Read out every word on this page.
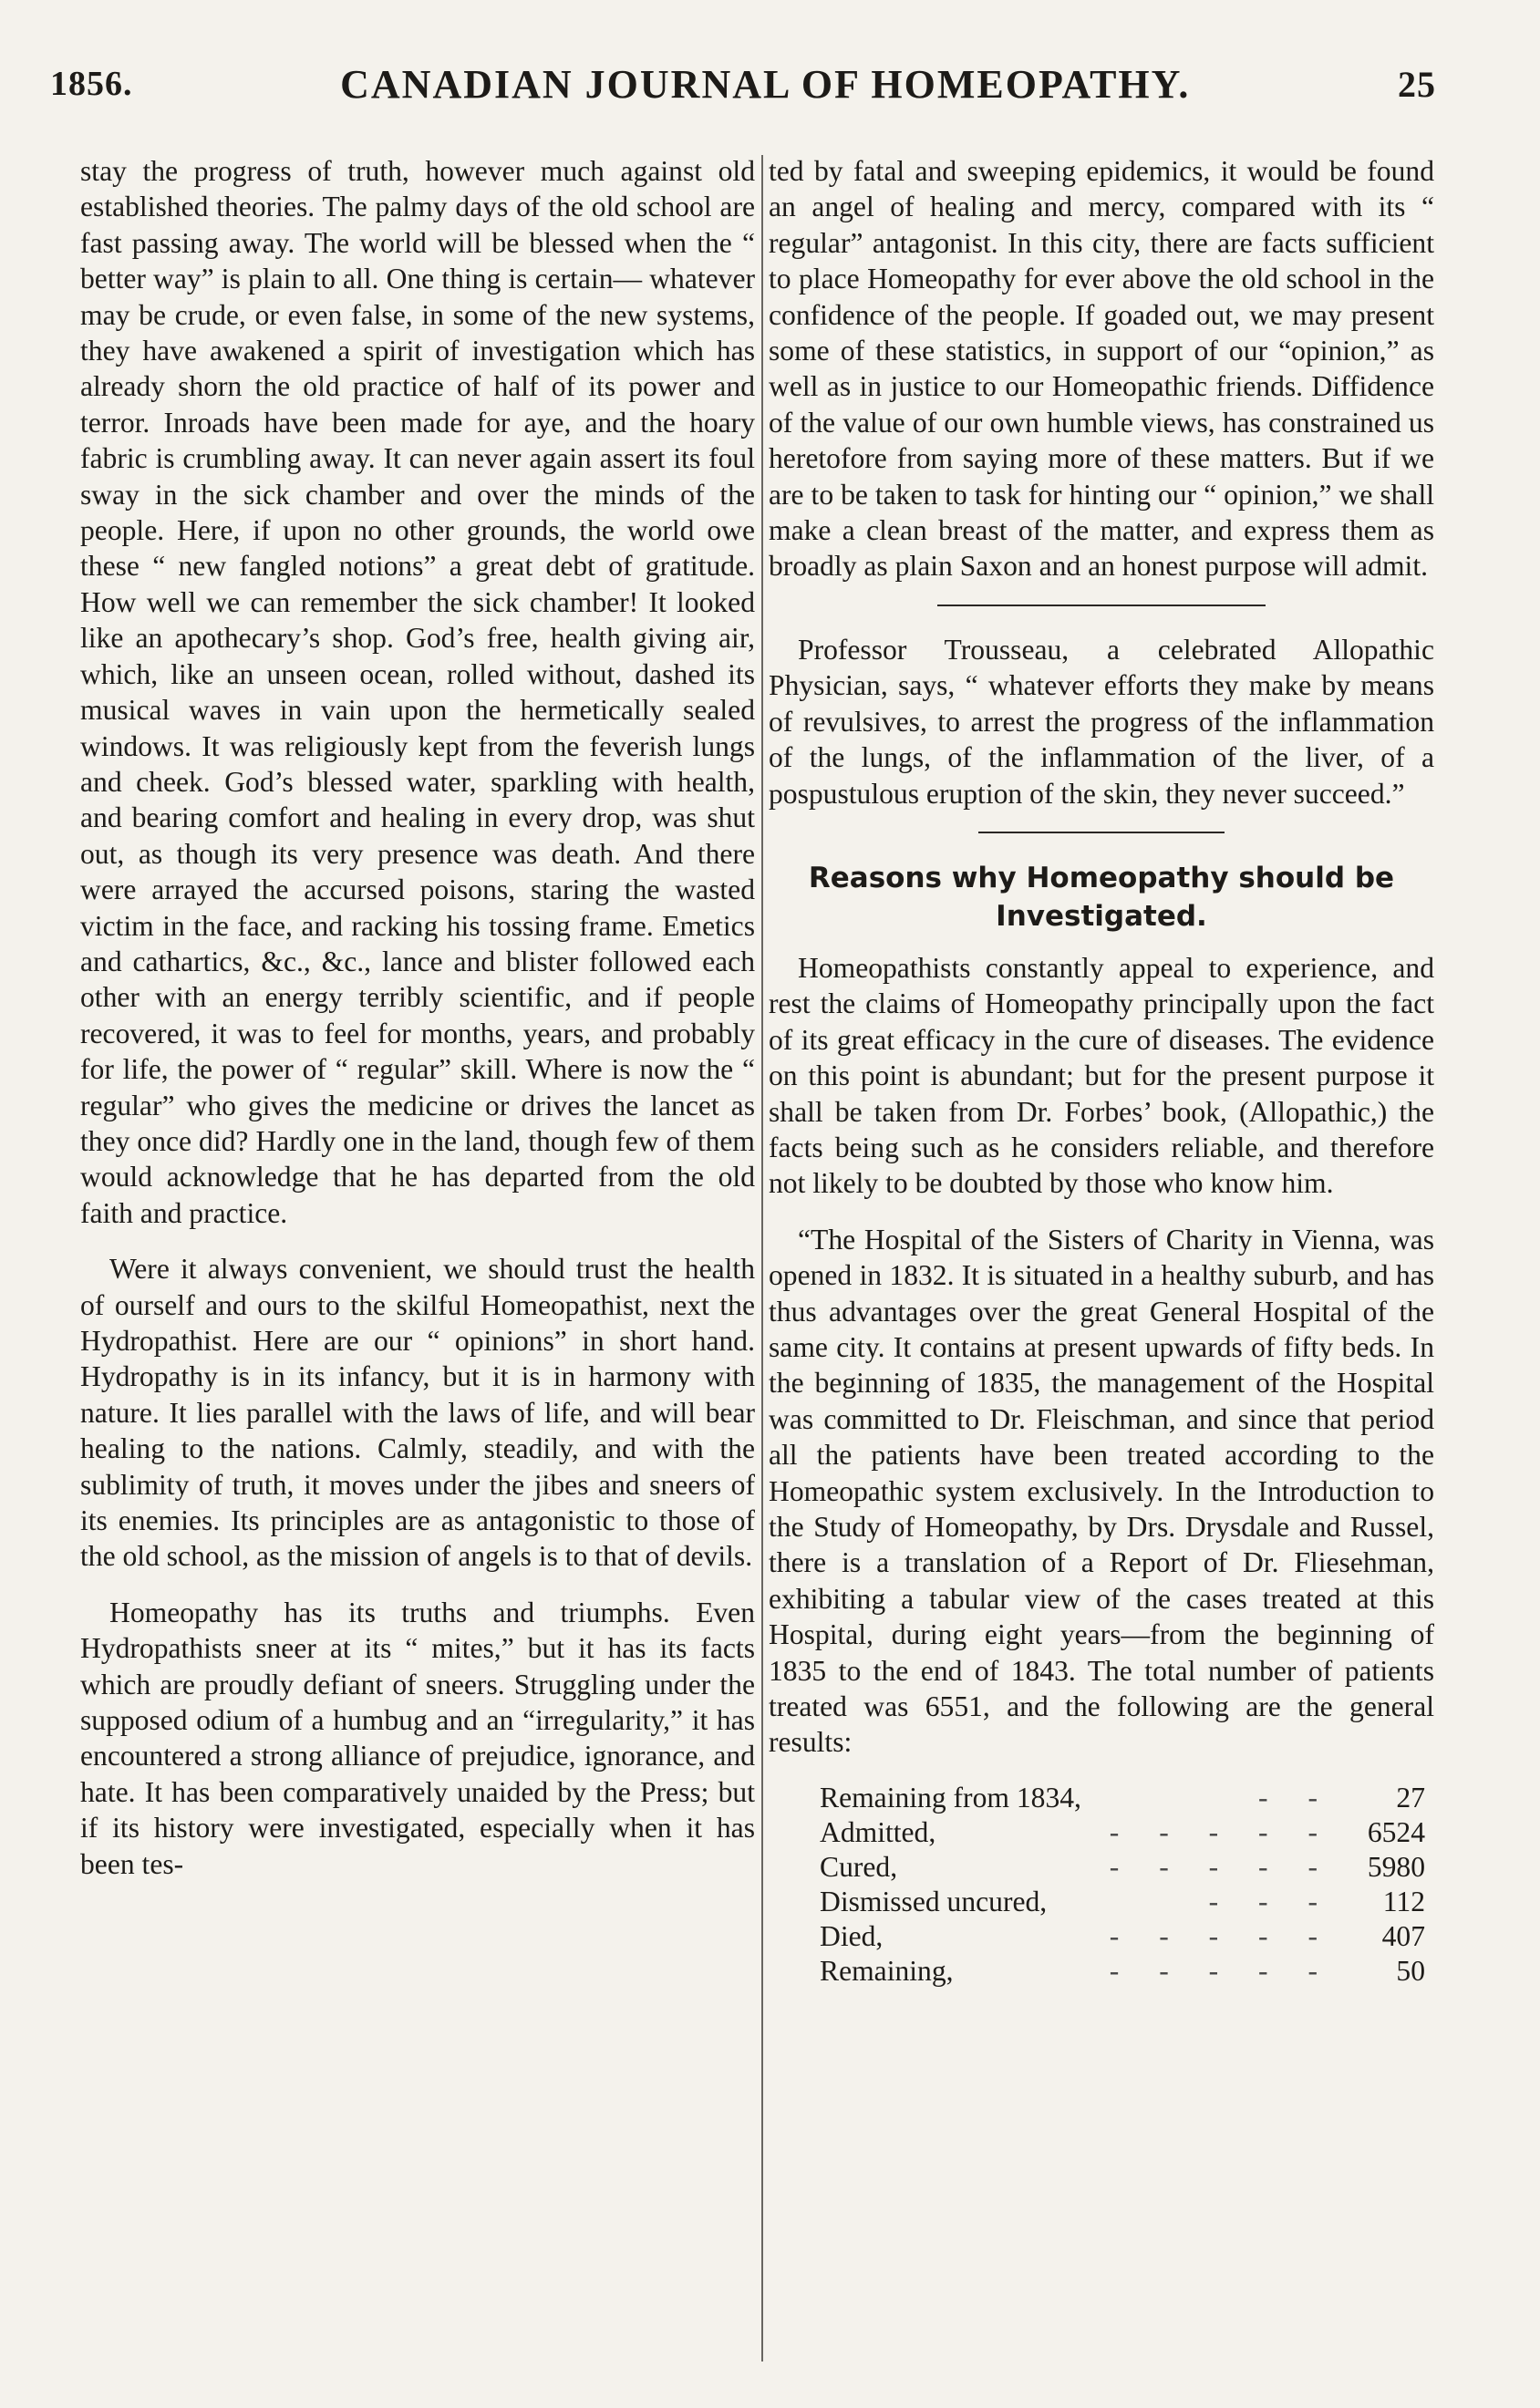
1856.	CANADIAN JOURNAL OF HOMEOPATHY.	25

stay the progress of truth, however much against old established theories. The palmy days of the old school are fast passing away. The world will be blessed when the “ better way” is plain to all. One thing is certain— whatever may be crude, or even false, in some of the new systems, they have awakened a spirit of investigation which has already shorn the old practice of half of its power and terror. Inroads have been made for aye, and the hoary fabric is crumbling away. It can never again assert its foul sway in the sick chamber and over the minds of the people. Here, if upon no other grounds, the world owe these “ new fangled notions” a great debt of gratitude. How well we can remember the sick chamber! It looked like an apothecary’s shop. God’s free, health giving air, which, like an unseen ocean, rolled without, dashed its musical waves in vain upon the hermetically sealed windows. It was religiously kept from the feverish lungs and cheek. God’s blessed water, sparkling with health, and bearing comfort and healing in every drop, was shut out, as though its very presence was death. And there were arrayed the accursed poisons, staring the wasted victim in the face, and racking his tossing frame. Emetics and cathartics, &c., &c., lance and blister followed each other with an energy terribly scientific, and if people recovered, it was to feel for months, years, and probably for life, the power of “ regular” skill. Where is now the “ regular” who gives the medicine or drives the lancet as they once did? Hardly one in the land, though few of them would acknowledge that he has departed from the old faith and practice.

Were it always convenient, we should trust the health of ourself and ours to the skilful Homeopathist, next the Hydropathist. Here are our “ opinions” in short hand. Hydropathy is in its infancy, but it is in harmony with nature. It lies parallel with the laws of life, and will bear healing to the nations. Calmly, steadily, and with the sublimity of truth, it moves under the jibes and sneers of its enemies. Its principles are as antagonistic to those of the old school, as the mission of angels is to that of devils.

Homeopathy has its truths and triumphs. Even Hydropathists sneer at its “ mites,” but it has its facts which are proudly defiant of sneers. Struggling under the supposed odium of a humbug and an “irregularity,” it has encountered a strong alliance of prejudice, ignorance, and hate. It has been comparatively unaided by the Press; but if its history were investigated, especially when it has been tes-

ted by fatal and sweeping epidemics, it would be found an angel of healing and mercy, compared with its “ regular” antagonist. In this city, there are facts sufficient to place Homeopathy for ever above the old school in the confidence of the people. If goaded out, we may present some of these statistics, in support of our “opinion,” as well as in justice to our Homeopathic friends. Diffidence of the value of our own humble views, has constrained us heretofore from saying more of these matters. But if we are to be taken to task for hinting our “ opinion,” we shall make a clean breast of the matter, and express them as broadly as plain Saxon and an honest purpose will admit.

Professor Trousseau, a celebrated Allopathic Physician, says, “ whatever efforts they make by means of revulsives, to arrest the progress of the inflammation of the lungs, of the inflammation of the liver, of a pospustulous eruption of the skin, they never succeed.”

Reasons why Homeopathy should be Investigated.

Homeopathists constantly appeal to experience, and rest the claims of Homeopathy principally upon the fact of its great efficacy in the cure of diseases. The evidence on this point is abundant; but for the present purpose it shall be taken from Dr. Forbes’ book, (Allopathic,) the facts being such as he considers reliable, and therefore not likely to be doubted by those who know him.

“The Hospital of the Sisters of Charity in Vienna, was opened in 1832. It is situated in a healthy suburb, and has thus advantages over the great General Hospital of the same city. It contains at present upwards of fifty beds. In the beginning of 1835, the management of the Hospital was committed to Dr. Fleischman, and since that period all the patients have been treated according to the Homeopathic system exclusively. In the Introduction to the Study of Homeopathy, by Drs. Drysdale and Russel, there is a translation of a Report of Dr. Fliesehman, exhibiting a tabular view of the cases treated at this Hospital, during eight years—from the beginning of 1835 to the end of 1843. The total number of patients treated was 6551, and the following are the general results:

Remaining from 1834,	- -	27
Admitted,	- - - - -	6524
Cured,	- - - - -	5980
Dismissed uncured,	- - -	112
Died,	- - - - -	407
Remaining,	- - - - -	50
